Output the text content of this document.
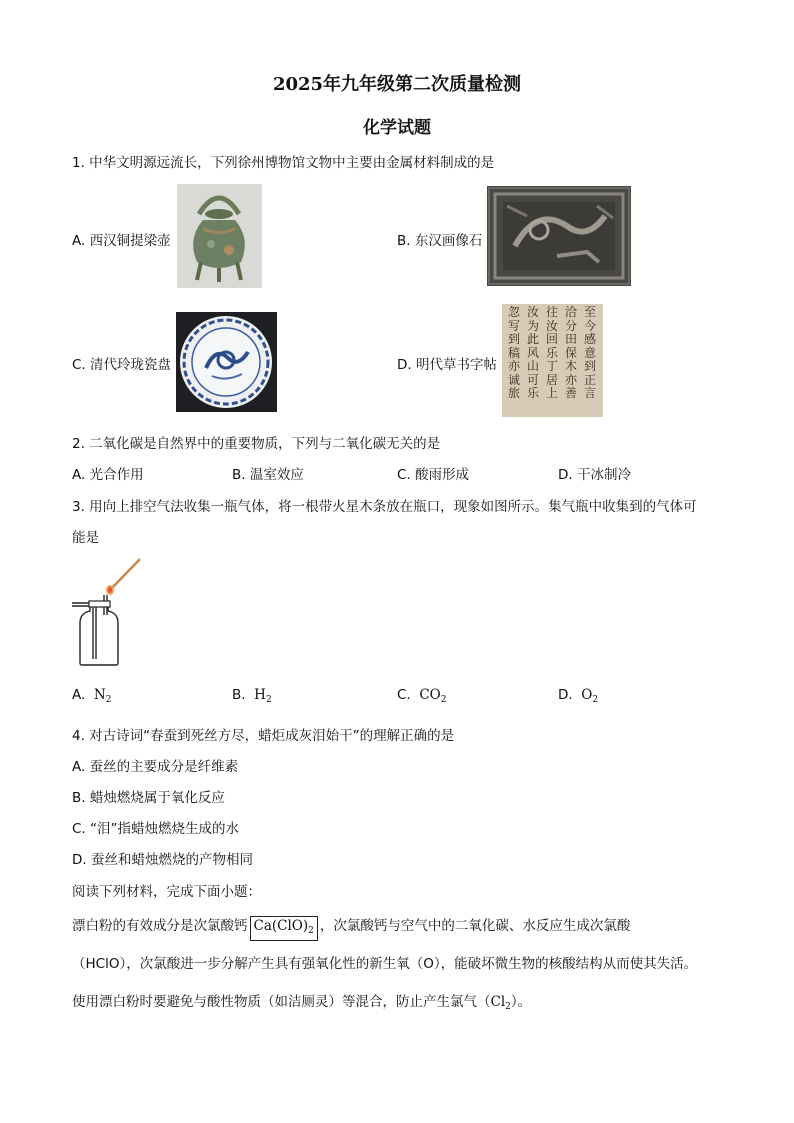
2025年九年级第二次质量检测
化学试题
1. 中华文明源远流长，下列徐州博物馆文物中主要由金属材料制成的是
A. 西汉铜提梁壶	B. 东汉画像石
C. 清代玲珑瓷盘	D. 明代草书字帖
忽写到稿亦诚旅
汝为此风山可乐
往汝回乐丁居上
洽分田保木亦善
至今感意到正言
2. 二氧化碳是自然界中的重要物质，下列与二氧化碳无关的是
A. 光合作用	B. 温室效应	C. 酸雨形成	D. 干冰制冷
3. 用向上排空气法收集一瓶气体，将一根带火星木条放在瓶口，现象如图所示。集气瓶中收集到的气体可
能是
A. $N_2$	B. $H_2$	C. $CO_2$	D. $O_2$
4. 对古诗词“春蚕到死丝方尽，蜡炬成灰泪始干”的理解正确的是
A. 蚕丝的主要成分是纤维素
B. 蜡烛燃烧属于氧化反应
C. “泪”指蜡烛燃烧生成的水
D. 蚕丝和蜡烛燃烧的产物相同
阅读下列材料，完成下面小题：
漂白粉的有效成分是次氯酸钙 $Ca(ClO)_2$ ，次氯酸钙与空气中的二氧化碳、水反应生成次氯酸
（HClO），次氯酸进一步分解产生具有强氧化性的新生氧（O），能破坏微生物的核酸结构从而使其失活。
使用漂白粉时要避免与酸性物质（如洁厕灵）等混合，防止产生氯气$(Cl_2)$。
